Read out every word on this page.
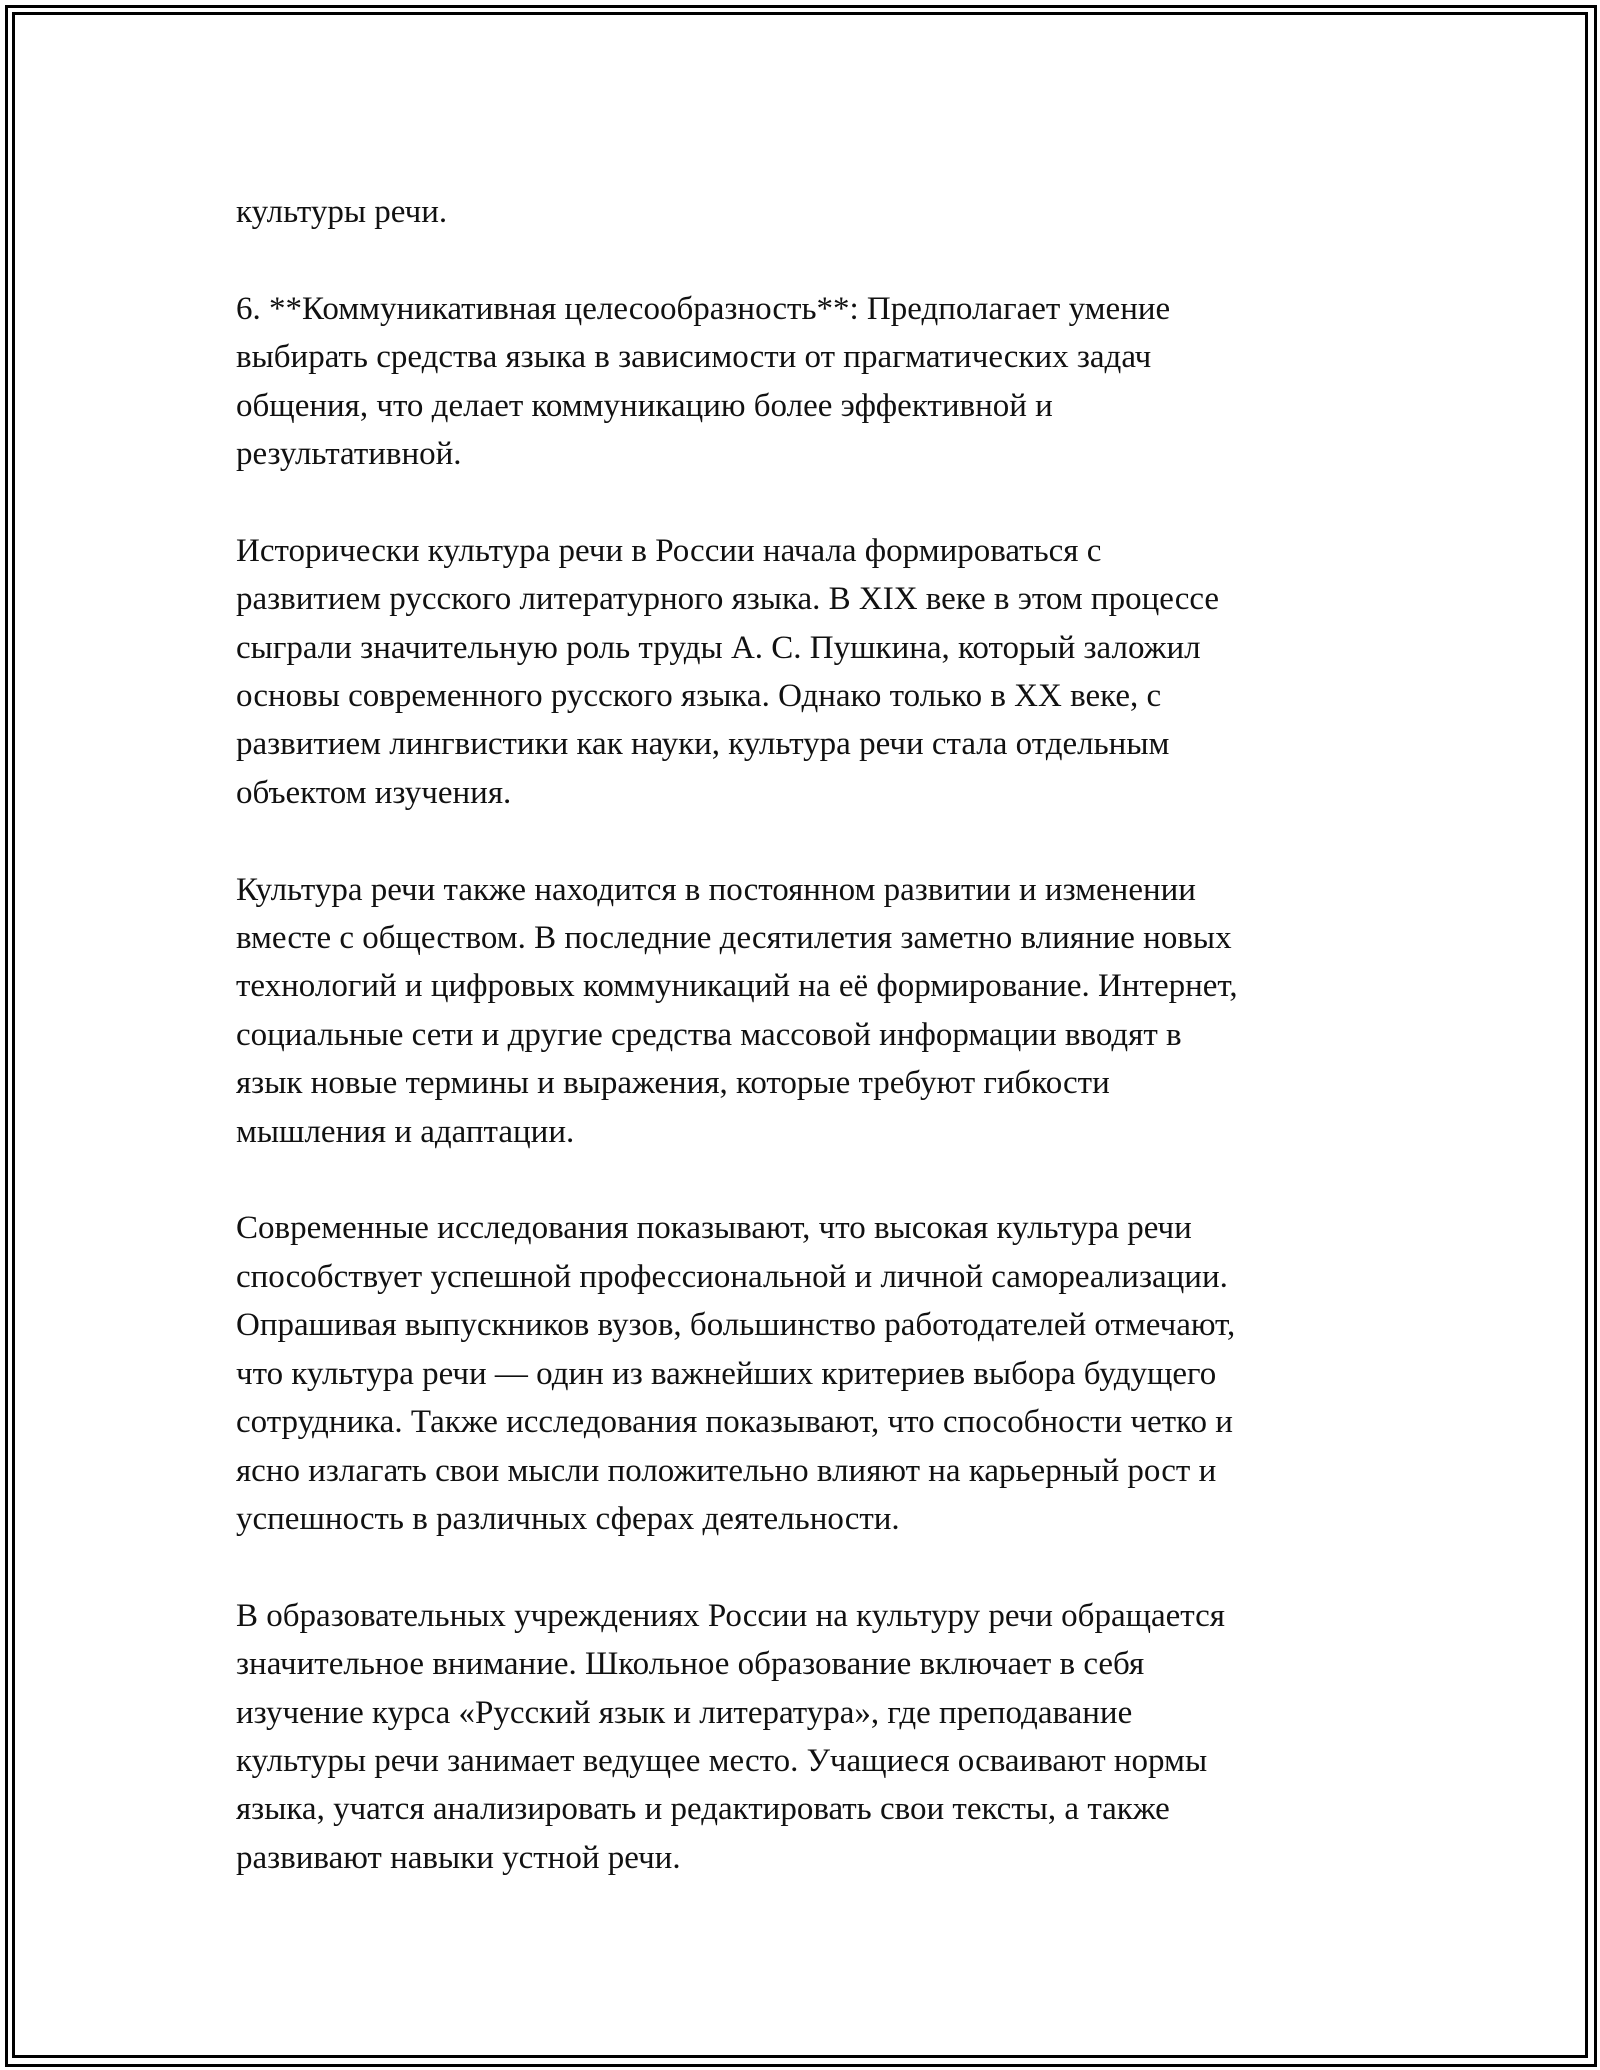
культуры речи.

6. **Коммуникативная целесообразность**: Предполагает умение
выбирать средства языка в зависимости от прагматических задач
общения, что делает коммуникацию более эффективной и
результативной.

Исторически культура речи в России начала формироваться с
развитием русского литературного языка. В XIX веке в этом процессе
сыграли значительную роль труды А. С. Пушкина, который заложил
основы современного русского языка. Однако только в XX веке, с
развитием лингвистики как науки, культура речи стала отдельным
объектом изучения.

Культура речи также находится в постоянном развитии и изменении
вместе с обществом. В последние десятилетия заметно влияние новых
технологий и цифровых коммуникаций на её формирование. Интернет,
социальные сети и другие средства массовой информации вводят в
язык новые термины и выражения, которые требуют гибкости
мышления и адаптации.

Современные исследования показывают, что высокая культура речи
способствует успешной профессиональной и личной самореализации.
Опрашивая выпускников вузов, большинство работодателей отмечают,
что культура речи — один из важнейших критериев выбора будущего
сотрудника. Также исследования показывают, что способности четко и
ясно излагать свои мысли положительно влияют на карьерный рост и
успешность в различных сферах деятельности.

В образовательных учреждениях России на культуру речи обращается
значительное внимание. Школьное образование включает в себя
изучение курса «Русский язык и литература», где преподавание
культуры речи занимает ведущее место. Учащиеся осваивают нормы
языка, учатся анализировать и редактировать свои тексты, а также
развивают навыки устной речи.
